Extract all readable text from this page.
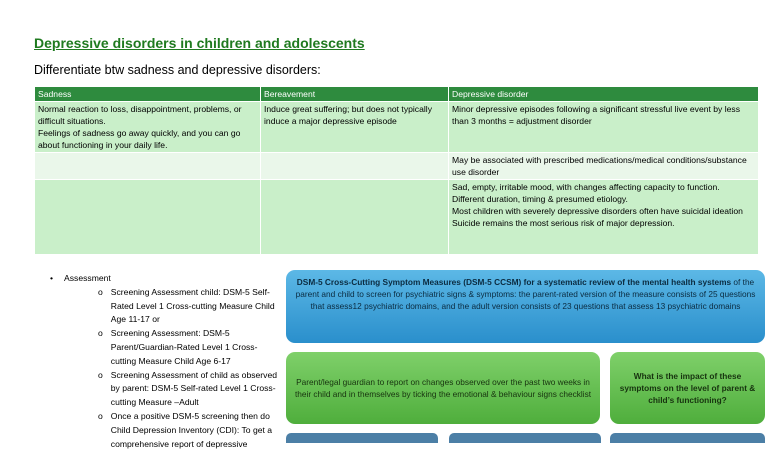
Depressive disorders in children and adolescents
Differentiate btw sadness and depressive disorders:
Sadness	Bereavement	Depressive disorder
Normal reaction to loss, disappointment, problems, or difficult situations.
Feelings of sadness go away quickly, and you can go about functioning in your daily life.	Induce great suffering; but does not typically induce a major depressive episode	Minor depressive episodes following a significant stressful live event by less than 3 months = adjustment disorder
		May be associated with prescribed medications/medical conditions/substance use disorder
		Sad, empty, irritable mood, with changes affecting capacity to function.
Different duration, timing & presumed etiology.
Most children with severely depressive disorders often have suicidal ideation
Suicide remains the most serious risk of major depression.
• Assessment
o Screening Assessment child: DSM-5 Self-Rated Level 1 Cross-cutting Measure Child Age 11-17 or
o Screening Assessment: DSM-5 Parent/Guardian-Rated Level 1 Cross-cutting Measure Child Age 6-17
o Screening Assessment of child as observed by parent: DSM-5 Self-rated Level 1 Cross-cutting Measure –Adult
o Once a positive DSM-5 screening then do Child Depression Inventory (CDI): To get a comprehensive report of depressive
DSM-5 Cross-Cutting Symptom Measures (DSM-5 CCSM) for a systematic review of the mental health systems of the parent and child to screen for psychiatric signs & symptoms: the parent-rated version of the measure consists of 25 questions that assess12 psychiatric domains, and the adult version consists of 23 questions that assess 13 psychiatric domains
Parent/legal guardian to report on changes observed over the past two weeks in their child and in themselves by ticking the emotional & behaviour signs checklist
What is the impact of these symptoms on the level of parent & child’s functioning?
